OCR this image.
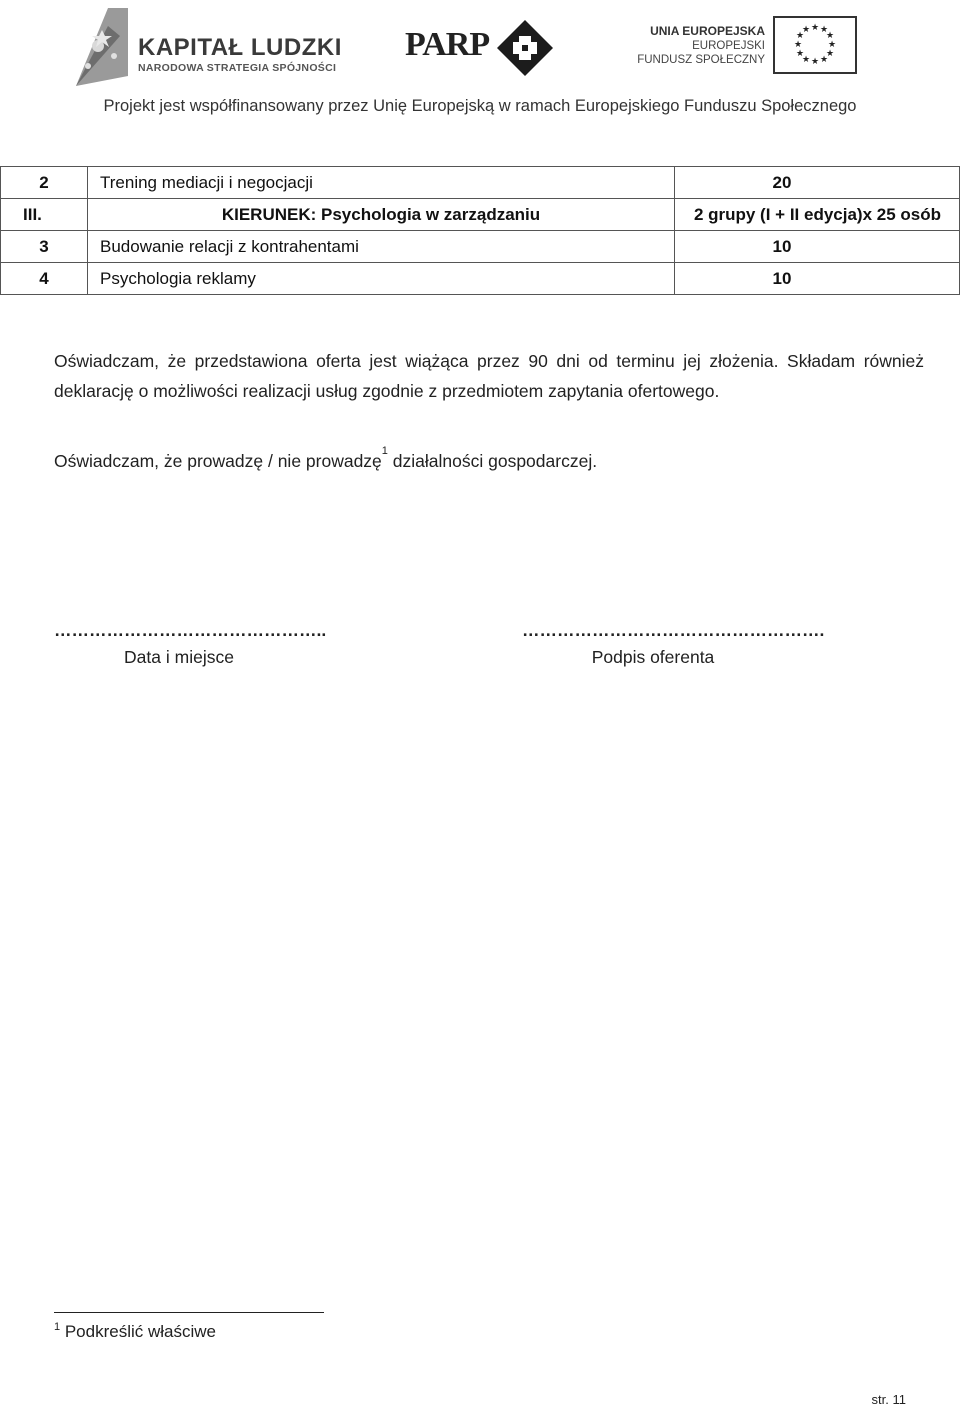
KAPITAŁ LUDZKI
NARODOWA STRATEGIA SPÓJNOŚCI
PARP	UNIA EUROPEJSKA
EUROPEJSKI
FUNDUSZ SPOŁECZNY
★ ★
★
★
★
★
★
★
★
★
★
★
Projekt jest współfinansowany przez Unię Europejską w ramach Europejskiego Funduszu Społecznego
2	Trening mediacji i negocjacji	20
III.	KIERUNEK: Psychologia w zarządzaniu	2 grupy (I + II edycja)x 25 osób
3	Budowanie relacji z kontrahentami	10
4	Psychologia reklamy	10
Oświadczam, że przedstawiona oferta jest wiążąca przez 90 dni od terminu jej złożenia. Składam również deklarację o możliwości realizacji usług zgodnie z przedmiotem zapytania ofertowego.
Oświadczam, że prowadzę / nie prowadzę$^1$ działalności gospodarczej.
………………………………………..
Data i miejsce
…………………………………………….
Podpis oferenta
$^1$ Podkreślić właściwe
str. 11
